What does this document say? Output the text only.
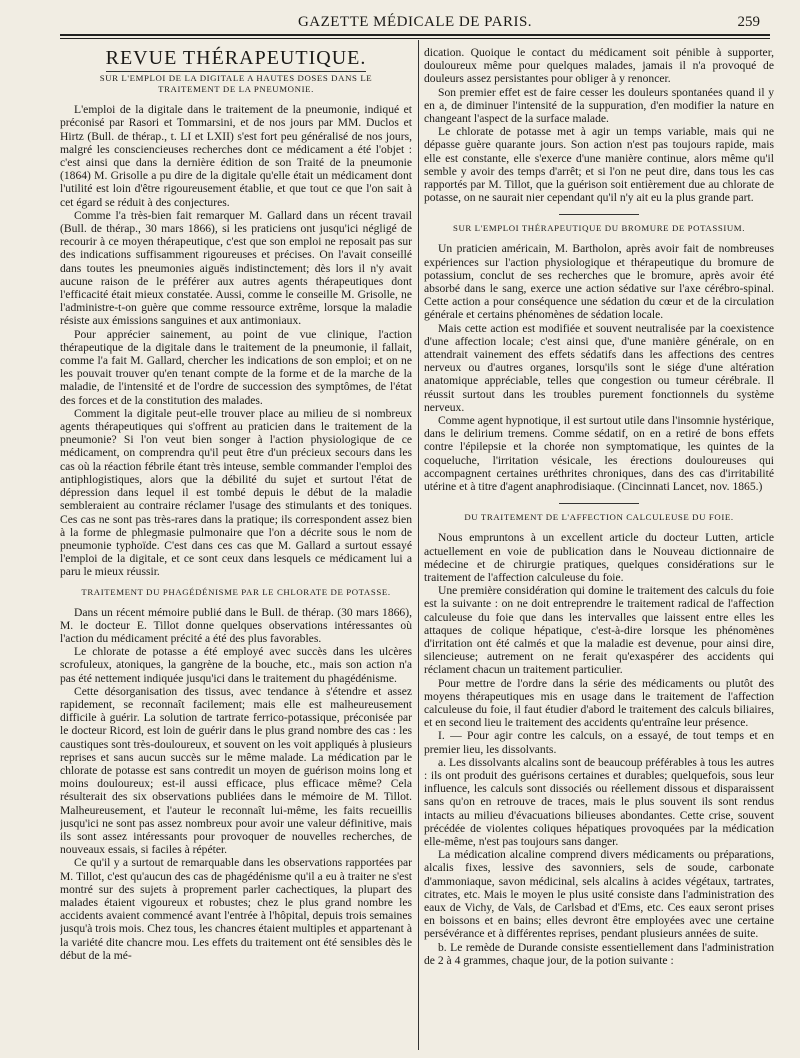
GAZETTE MÉDICALE DE PARIS.	259
REVUE THÉRAPEUTIQUE.
SUR L'EMPLOI DE LA DIGITALE A HAUTES DOSES DANS LE TRAITEMENT DE LA PNEUMONIE.

L'emploi de la digitale dans le traitement de la pneumonie, indiqué et préconisé par Rasori et Tommarsini, et de nos jours par MM. Duclos et Hirtz (Bull. de thérap., t. LI et LXII) s'est fort peu généralisé de nos jours, malgré les consciencieuses recherches dont ce médicament a été l'objet : c'est ainsi que dans la dernière édition de son Traité de la pneumonie (1864) M. Grisolle a pu dire de la digitale qu'elle était un médicament dont l'utilité est loin d'être rigoureusement établie, et que tout ce que l'on sait à cet égard se réduit à des conjectures.

Comme l'a très-bien fait remarquer M. Gallard dans un récent travail (Bull. de thérap., 30 mars 1866), si les praticiens ont jusqu'ici négligé de recourir à ce moyen thérapeutique, c'est que son emploi ne reposait pas sur des indications suffisamment rigoureuses et précises. On l'avait conseillé dans toutes les pneumonies aiguës indistinctement; dès lors il n'y avait aucune raison de le préférer aux autres agents thérapeutiques dont l'efficacité était mieux constatée. Aussi, comme le conseille M. Grisolle, ne l'administre-t-on guère que comme ressource extrême, lorsque la maladie résiste aux émissions sanguines et aux antimoniaux.

Pour apprécier sainement, au point de vue clinique, l'action thérapeutique de la digitale dans le traitement de la pneumonie, il fallait, comme l'a fait M. Gallard, chercher les indications de son emploi; et on ne les pouvait trouver qu'en tenant compte de la forme et de la marche de la maladie, de l'intensité et de l'ordre de succession des symptômes, de l'état des forces et de la constitution des malades.

Comment la digitale peut-elle trouver place au milieu de si nombreux agents thérapeutiques qui s'offrent au praticien dans le traitement de la pneumonie? Si l'on veut bien songer à l'action physiologique de ce médicament, on comprendra qu'il peut être d'un précieux secours dans les cas où la réaction fébrile étant très inteuse, semble commander l'emploi des antiphlogistiques, alors que la débilité du sujet et surtout l'état de dépression dans lequel il est tombé depuis le début de la maladie sembleraient au contraire réclamer l'usage des stimulants et des toniques. Ces cas ne sont pas très-rares dans la pratique; ils correspondent assez bien à la forme de phlegmasie pulmonaire que l'on a décrite sous le nom de pneumonie typhoïde. C'est dans ces cas que M. Gallard a surtout essayé l'emploi de la digitale, et ce sont ceux dans lesquels ce médicament lui a paru le mieux réussir.

TRAITEMENT DU PHAGÉDÉNISME PAR LE CHLORATE DE POTASSE.

Dans un récent mémoire publié dans le Bull. de thérap. (30 mars 1866), M. le docteur E. Tillot donne quelques observations intéressantes où l'action du médicament précité a été des plus favorables.

Le chlorate de potasse a été employé avec succès dans les ulcères scrofuleux, atoniques, la gangrène de la bouche, etc., mais son action n'a pas été nettement indiquée jusqu'ici dans le traitement du phagédénisme.

Cette désorganisation des tissus, avec tendance à s'étendre et assez rapidement, se reconnaît facilement; mais elle est malheureusement difficile à guérir. La solution de tartrate ferrico-potassique, préconisée par le docteur Ricord, est loin de guérir dans le plus grand nombre des cas : les caustiques sont très-douloureux, et souvent on les voit appliqués à plusieurs reprises et sans aucun succès sur le même malade. La médication par le chlorate de potasse est sans contredit un moyen de guérison moins long et moins douloureux; est-il aussi efficace, plus efficace même? Cela résulterait des six observations publiées dans le mémoire de M. Tillot. Malheureusement, et l'auteur le reconnaît lui-même, les faits recueillis jusqu'ici ne sont pas assez nombreux pour avoir une valeur définitive, mais ils sont assez intéressants pour provoquer de nouvelles recherches, de nouveaux essais, si faciles à répéter.

Ce qu'il y a surtout de remarquable dans les observations rapportées par M. Tillot, c'est qu'aucun des cas de phagédénisme qu'il a eu à traiter ne s'est montré sur des sujets à proprement parler cachectiques, la plupart des malades étaient vigoureux et robustes; chez le plus grand nombre les accidents avaient commencé avant l'entrée à l'hôpital, depuis trois semaines jusqu'à trois mois. Chez tous, les chancres étaient multiples et appartenant à la variété dite chancre mou. Les effets du traitement ont été sensibles dès le début de la mé-

dication. Quoique le contact du médicament soit pénible à supporter, douloureux même pour quelques malades, jamais il n'a provoqué de douleurs assez persistantes pour obliger à y renoncer.

Son premier effet est de faire cesser les douleurs spontanées quand il y en a, de diminuer l'intensité de la suppuration, d'en modifier la nature en changeant l'aspect de la surface malade.

Le chlorate de potasse met à agir un temps variable, mais qui ne dépasse guère quarante jours. Son action n'est pas toujours rapide, mais elle est constante, elle s'exerce d'une manière continue, alors même qu'il semble y avoir des temps d'arrêt; et si l'on ne peut dire, dans tous les cas rapportés par M. Tillot, que la guérison soit entièrement due au chlorate de potasse, on ne saurait nier cependant qu'il n'y ait eu la plus grande part.

SUR L'EMPLOI THÉRAPEUTIQUE DU BROMURE DE POTASSIUM.

Un praticien américain, M. Bartholon, après avoir fait de nombreuses expériences sur l'action physiologique et thérapeutique du bromure de potassium, conclut de ses recherches que le bromure, après avoir été absorbé dans le sang, exerce une action sédative sur l'axe cérébro-spinal. Cette action a pour conséquence une sédation du cœur et de la circulation générale et certains phénomènes de sédation locale.

Mais cette action est modifiée et souvent neutralisée par la coexistence d'une affection locale; c'est ainsi que, d'une manière générale, on en attendrait vainement des effets sédatifs dans les affections des centres nerveux ou d'autres organes, lorsqu'ils sont le siége d'une altération anatomique appréciable, telles que congestion ou tumeur cérébrale. Il réussit surtout dans les troubles purement fonctionnels du système nerveux.

Comme agent hypnotique, il est surtout utile dans l'insomnie hystérique, dans le delirium tremens. Comme sédatif, on en a retiré de bons effets contre l'épilepsie et la chorée non symptomatique, les quintes de la coqueluche, l'irritation vésicale, les érections douloureuses qui accompagnent certaines uréthrites chroniques, dans des cas d'irritabilité utérine et à titre d'agent anaphrodisiaque. (Cincinnati Lancet, nov. 1865.)

DU TRAITEMENT DE L'AFFECTION CALCULEUSE DU FOIE.

Nous empruntons à un excellent article du docteur Lutten, article actuellement en voie de publication dans le Nouveau dictionnaire de médecine et de chirurgie pratiques, quelques considérations sur le traitement de l'affection calculeuse du foie.

Une première considération qui domine le traitement des calculs du foie est la suivante : on ne doit entreprendre le traitement radical de l'affection calculeuse du foie que dans les intervalles que laissent entre elles les attaques de colique hépatique, c'est-à-dire lorsque les phénomènes d'irritation ont été calmés et que la maladie est devenue, pour ainsi dire, silencieuse; autrement on ne ferait qu'exaspérer des accidents qui réclament chacun un traitement particulier.

Pour mettre de l'ordre dans la série des médicaments ou plutôt des moyens thérapeutiques mis en usage dans le traitement de l'affection calculeuse du foie, il faut étudier d'abord le traitement des calculs biliaires, et en second lieu le traitement des accidents qu'entraîne leur présence.

I. — Pour agir contre les calculs, on a essayé, de tout temps et en premier lieu, les dissolvants.

a. Les dissolvants alcalins sont de beaucoup préférables à tous les autres : ils ont produit des guérisons certaines et durables; quelquefois, sous leur influence, les calculs sont dissociés ou réellement dissous et disparaissent sans qu'on en retrouve de traces, mais le plus souvent ils sont rendus intacts au milieu d'évacuations bilieuses abondantes. Cette crise, souvent précédée de violentes coliques hépatiques provoquées par la médication elle-même, n'est pas toujours sans danger.

La médication alcaline comprend divers médicaments ou préparations, alcalis fixes, lessive des savonniers, sels de soude, carbonate d'ammoniaque, savon médicinal, sels alcalins à acides végétaux, tartrates, citrates, etc. Mais le moyen le plus usité consiste dans l'administration des eaux de Vichy, de Vals, de Carlsbad et d'Ems, etc. Ces eaux seront prises en boissons et en bains; elles devront être employées avec une certaine persévérance et à différentes reprises, pendant plusieurs années de suite.

b. Le remède de Durande consiste essentiellement dans l'administration de 2 à 4 grammes, chaque jour, de la potion suivante :
